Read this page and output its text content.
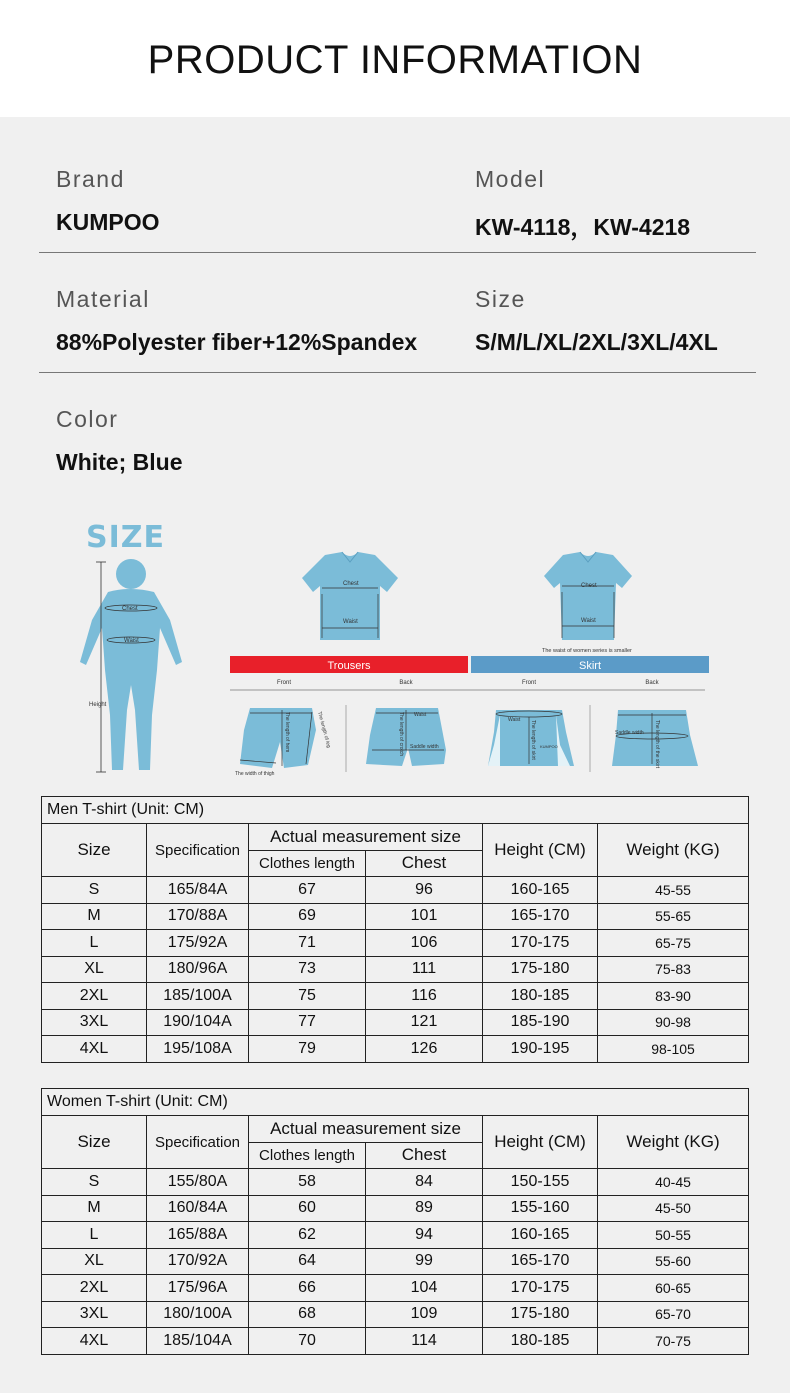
PRODUCT INFORMATION
Brand
KUMPOO
Model
KW-4118，KW-4218
Material
88%Polyester fiber+12%Spandex
Size
S/M/L/XL/2XL/3XL/4XL
Color
White; Blue
SIZE
Chest
Waist
Height
Chest
Waist
Chest
Waist
The waist of women series is smaller
Trousers	Skirt
Front	Back	Front	Back
The length of hem	The length of leg
The width of thigh
Waist
The length of crotch Saddle width
Waist The length of skirt KUMPOO
Saddle width The length of the skirt
Men T-shirt (Unit: CM)					
Size	Specification	Actual measurement size		Height (CM)	Weight (KG)
		Clothes length	Chest		
S	165/84A	67	96	160-165	45-55
M	170/88A	69	101	165-170	55-65
L	175/92A	71	106	170-175	65-75
XL	180/96A	73	111	175-180	75-83
2XL	185/100A	75	116	180-185	83-90
3XL	190/104A	77	121	185-190	90-98
4XL	195/108A	79	126	190-195	98-105
Women T-shirt (Unit: CM)					
Size	Specification	Actual measurement size		Height (CM)	Weight (KG)
		Clothes length	Chest		
S	155/80A	58	84	150-155	40-45
M	160/84A	60	89	155-160	45-50
L	165/88A	62	94	160-165	50-55
XL	170/92A	64	99	165-170	55-60
2XL	175/96A	66	104	170-175	60-65
3XL	180/100A	68	109	175-180	65-70
4XL	185/104A	70	114	180-185	70-75
